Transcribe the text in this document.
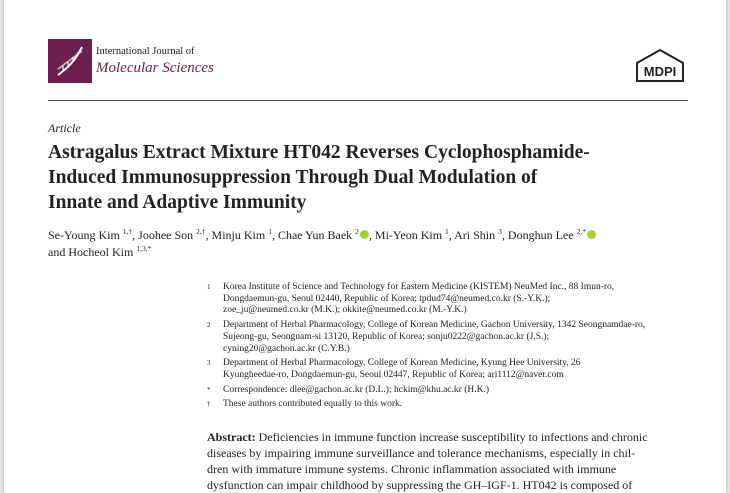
International Journal of
Molecular Sciences	MDPI
Article
Astragalus Extract Mixture HT042 Reverses Cyclophosphamide-
Induced Immunosuppression Through Dual Modulation of
Innate and Adaptive Immunity
Se-Young Kim $^{1,\dagger}$, Joohee Son $^{2,\dagger}$, Minju Kim $^1$, Chae Yun Baek $^2$ , Mi-Yeon Kim $^1$, Ari Shin $^3$, Donghun Lee $^{2,*}$
and Hocheol Kim $^{1,3,*}$
1 Korea Institute of Science and Technology for Eastern Medicine (KISTEM) NeuMed Inc., 88 Imun-ro,
Dongdaemun-gu, Seoul 02440, Republic of Korea; tpdud74@neumed.co.kr (S.-Y.K.);
zoe_ju@neumed.co.kr (M.K.); okkite@neumed.co.kr (M.-Y.K.)
2 Department of Herbal Pharmacology, College of Korean Medicine, Gachon University, 1342 Seongnamdae-ro,
Sujeong-gu, Seongnam-si 13120, Republic of Korea; sonju0222@gachon.ac.kr (J.S.);
cyning20@gachon.ac.kr (C.Y.B.)
3 Department of Herbal Pharmacology, College of Korean Medicine, Kyung Hee University, 26
Kyungheedae-ro, Dongdaemun-gu, Seoul 02447, Republic of Korea; ari1112@naver.com
* Correspondence: dlee@gachon.ac.kr (D.L.); hckim@khu.ac.kr (H.K.)
† These authors contributed equally to this work.
Abstract: Deficiencies in immune function increase susceptibility to infections and chronic
diseases by impairing immune surveillance and tolerance mechanisms, especially in chil-
dren with immature immune systems. Chronic inflammation associated with immune
dysfunction can impair childhood by suppressing the GH–IGF-1. HT042 is composed of
